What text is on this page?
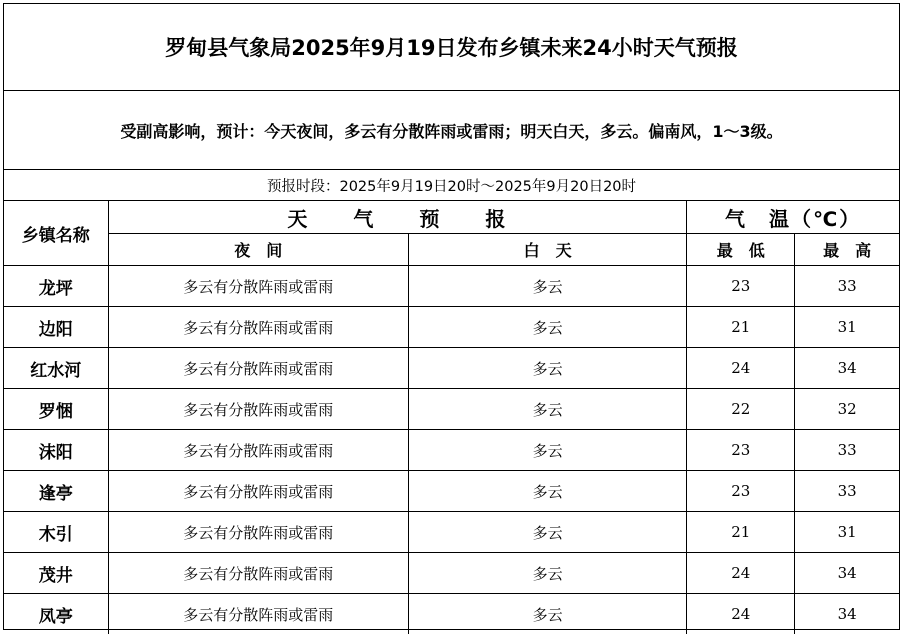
罗甸县气象局2025年9月19日发布乡镇未来24小时天气预报
受副高影响，预计：今天夜间，多云有分散阵雨或雷雨；明天白天，多云。偏南风，1～3级。
预报时段：2025年9月19日20时～2025年9月20日20时
乡镇名称	天　　气　　预　　报		气　温（℃）	
	夜　间	白　天	最　低	最　高
龙坪	多云有分散阵雨或雷雨	多云	23	33
边阳	多云有分散阵雨或雷雨	多云	21	31
红水河	多云有分散阵雨或雷雨	多云	24	34
罗悃	多云有分散阵雨或雷雨	多云	22	32
沫阳	多云有分散阵雨或雷雨	多云	23	33
逢亭	多云有分散阵雨或雷雨	多云	23	33
木引	多云有分散阵雨或雷雨	多云	21	31
茂井	多云有分散阵雨或雷雨	多云	24	34
凤亭	多云有分散阵雨或雷雨	多云	24	34
